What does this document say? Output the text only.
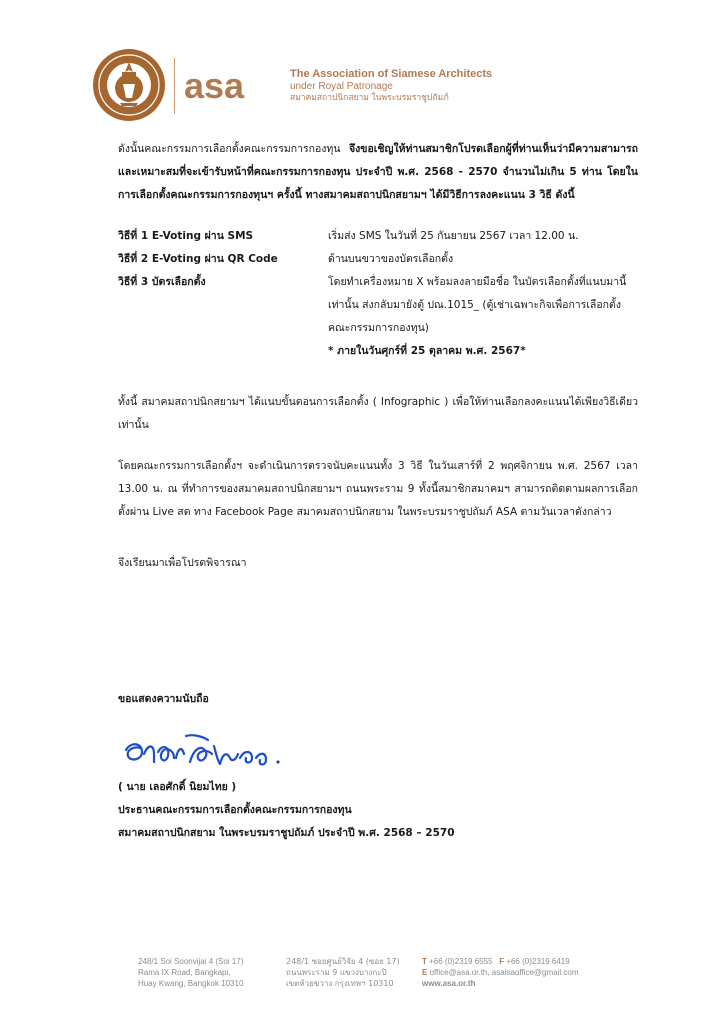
asa	The Association of Siamese Architects
under Royal Patronage
สมาคมสถาปนิกสยาม ในพระบรมราชูปถัมภ์

ดังนั้นคณะกรรมการเลือกตั้งคณะกรรมการกองทุน จึงขอเชิญให้ท่านสมาชิกโปรดเลือกผู้ที่ท่านเห็นว่ามีความสามารถและเหมาะสมที่จะเข้ารับหน้าที่คณะกรรมการกองทุน ประจำปี พ.ศ. 2568 - 2570 จำนวนไม่เกิน 5 ท่าน โดยในการเลือกตั้งคณะกรรมการกองทุนฯ ครั้งนี้ ทางสมาคมสถาปนิกสยามฯ ได้มีวิธีการลงคะแนน 3 วิธี ดังนี้

วิธีที่ 1 E-Voting ผ่าน SMS	เริ่มส่ง SMS ในวันที่ 25 กันยายน 2567 เวลา 12.00 น.
วิธีที่ 2 E-Voting ผ่าน QR Code	ด้านบนขวาของบัตรเลือกตั้ง
วิธีที่ 3 บัตรเลือกตั้ง	โดยทำเครื่องหมาย X พร้อมลงลายมือชื่อ ในบัตรเลือกตั้งที่แนบมานี้เท่านั้น ส่งกลับมายังตู้ ปณ.1015_ (ตู้เช่าเฉพาะกิจเพื่อการเลือกตั้งคณะกรรมการกองทุน)
* ภายในวันศุกร์ที่ 25 ตุลาคม พ.ศ. 2567*

ทั้งนี้ สมาคมสถาปนิกสยามฯ ได้แนบขั้นตอนการเลือกตั้ง ( Infographic ) เพื่อให้ท่านเลือกลงคะแนนได้เพียงวิธีเดียวเท่านั้น

โดยคณะกรรมการเลือกตั้งฯ จะดำเนินการตรวจนับคะแนนทั้ง 3 วิธี ในวันเสาร์ที่ 2 พฤศจิกายน พ.ศ. 2567 เวลา 13.00 น. ณ ที่ทำการของสมาคมสถาปนิกสยามฯ ถนนพระราม 9 ทั้งนี้สมาชิกสมาคมฯ สามารถติดตามผลการเลือกตั้งผ่าน Live สด ทาง Facebook Page สมาคมสถาปนิกสยาม ในพระบรมราชูปถัมภ์ ASA ตามวันเวลาดังกล่าว

จึงเรียนมาเพื่อโปรดพิจารณา

ขอแสดงความนับถือ
( นาย เลอศักดิ์ นิยมไทย )
ประธานคณะกรรมการเลือกตั้งคณะกรรมการกองทุน
สมาคมสถาปนิกสยาม ในพระบรมราชูปถัมภ์ ประจำปี พ.ศ. 2568 – 2570
248/1 Soi Soonvijai 4 (Soi 17)
Rama IX Road, Bangkapi,
Huay Kwang, Bangkok 10310
248/1 ซอยศูนย์วิจัย 4 (ซอย 17)
ถนนพระราม 9 แขวงบางกะปิ
เขตห้วยขวาง กรุงเทพฯ 10310
T +66 (0)2319 6555 F +66 (0)2319 6419
E office@asa.or.th, asaisaoffice@gmail.com
www.asa.or.th
